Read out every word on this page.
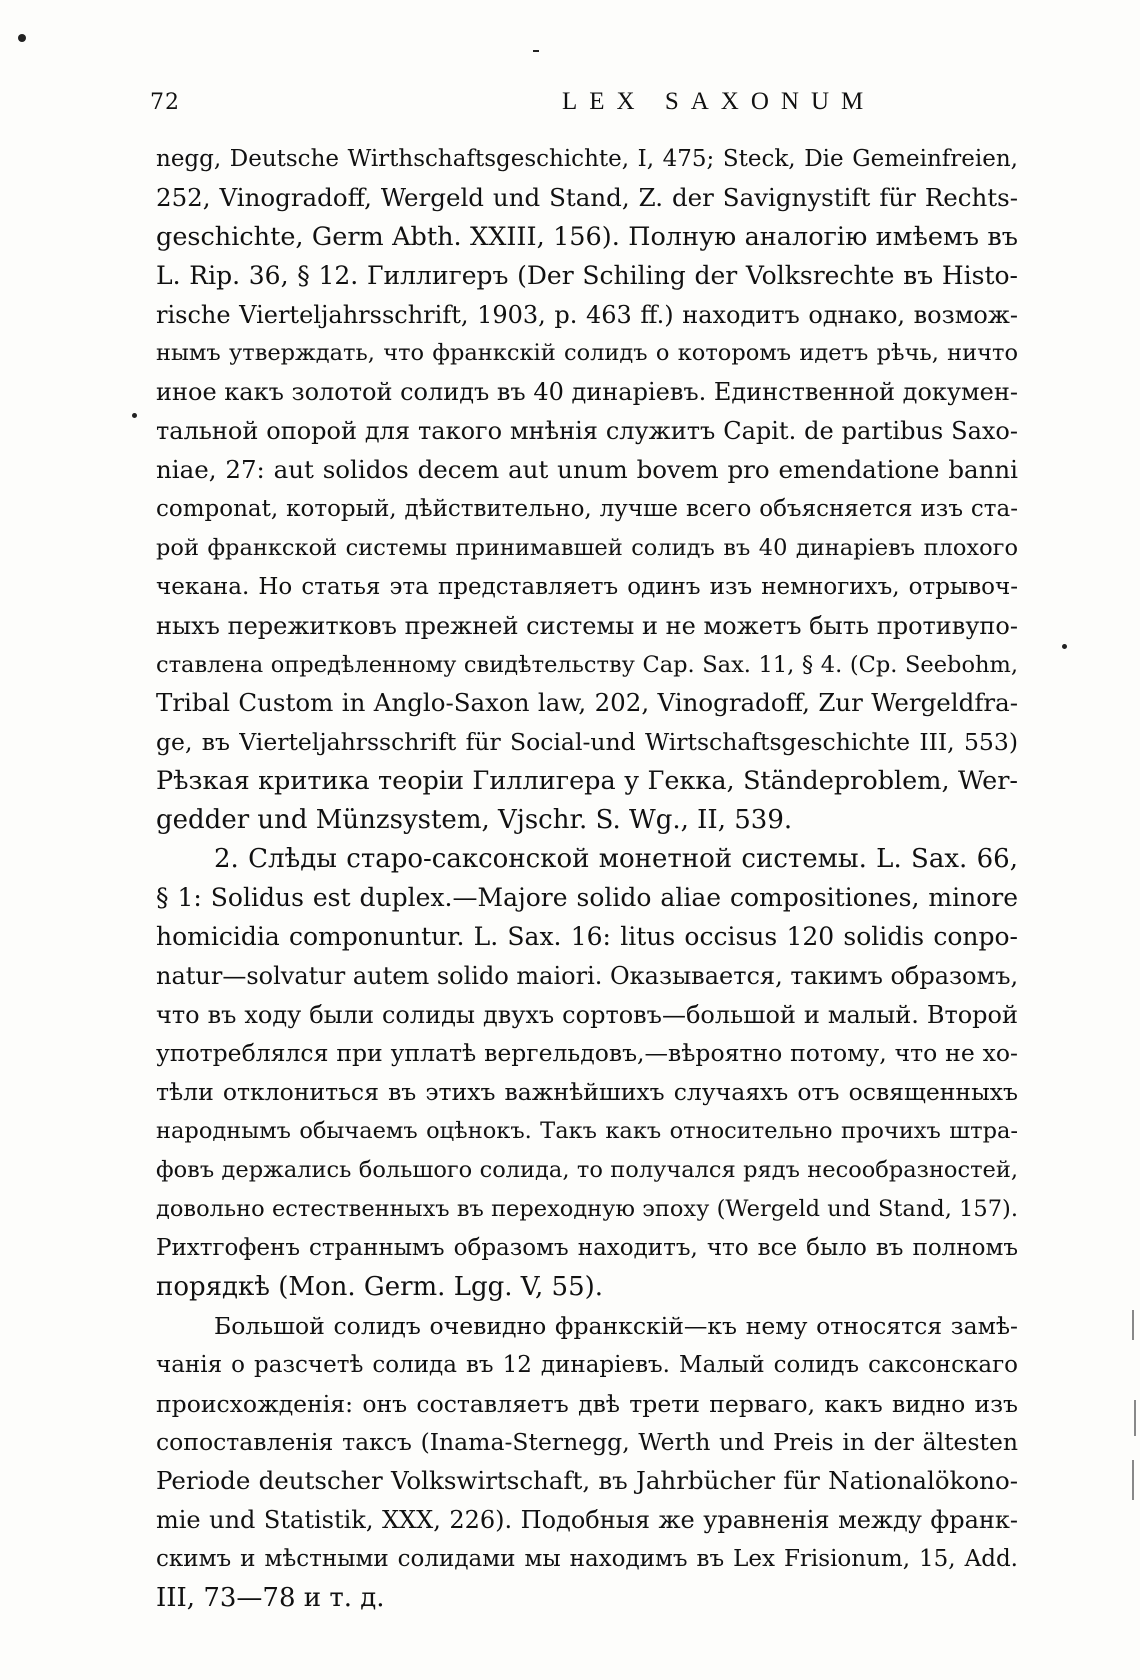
72	LEX SAXONUM
negg, Deutsche Wirthschaftsgeschichte, I, 475; Steck, Die Gemeinfreien,
252, Vinogradoff, Wergeld und Stand, Z. der Savignystift für Rechts-
geschichte, Germ Abth. XXIII, 156). Полную аналогію имѣемъ въ
L. Rip. 36, § 12. Гиллигеръ (Der Schiling der Volksrechte въ Histo-
rische Vierteljahrsschrift, 1903, p. 463 ff.) находитъ однако, возмож-
нымъ утверждать, что франкскій солидъ о которомъ идетъ рѣчь, ничто
иное какъ золотой солидъ въ 40 динаріевъ. Единственной докумен-
тальной опорой для такого мнѣнія служитъ Capit. de partibus Saxo-
niae, 27: aut solidos decem aut unum bovem pro emendatione banni
componat, который, дѣйствительно, лучше всего объясняется изъ ста-
рой франкской системы принимавшей солидъ въ 40 динаріевъ плохого
чекана. Но статья эта представляетъ одинъ изъ немногихъ, отрывоч-
ныхъ пережитковъ прежней системы и не можетъ быть противупо-
ставлена опредѣленному свидѣтельству Cap. Sax. 11, § 4. (Ср. Seebohm,
Tribal Custom in Anglo-Saxon law, 202, Vinogradoff, Zur Wergeldfra-
ge, въ Vierteljahrsschrift für Social-und Wirtschaftsgeschichte III, 553)
Рѣзкая критика теоріи Гиллигера у Гекка, Ständeproblem, Wer-
gedder und Münzsystem, Vjschr. S. Wg., II, 539.
2. Слѣды старо-саксонской монетной системы. L. Sax. 66,
§ 1: Solidus est duplex.—Majore solido aliae compositiones, minore
homicidia componuntur. L. Sax. 16: litus occisus 120 solidis conpo-
natur—solvatur autem solido maiori. Оказывается, такимъ образомъ,
что въ ходу были солиды двухъ сортовъ—большой и малый. Второй
употреблялся при уплатѣ вергельдовъ,—вѣроятно потому, что не хо-
тѣли отклониться въ этихъ важнѣйшихъ случаяхъ отъ освященныхъ
народнымъ обычаемъ оцѣнокъ. Такъ какъ относительно прочихъ штра-
фовъ держались большого солида, то получался рядъ несообразностей,
довольно естественныхъ въ переходную эпоху (Wergeld und Stand, 157).
Рихтгофенъ страннымъ образомъ находитъ, что все было въ полномъ
порядкѣ (Mon. Germ. Lgg. V, 55).
Большой солидъ очевидно франкскій—къ нему относятся замѣ-
чанія о разсчетѣ солида въ 12 динаріевъ. Малый солидъ саксонскаго
происхожденія: онъ составляетъ двѣ трети перваго, какъ видно изъ
сопоставленія таксъ (Inama-Sternegg, Werth und Preis in der ältesten
Periode deutscher Volkswirtschaft, въ Jahrbücher für Nationalökono-
mie und Statistik, XXX, 226). Подобныя же уравненія между франк-
скимъ и мѣстными солидами мы находимъ въ Lex Frisionum, 15, Add.
III, 73—78 и т. д.
